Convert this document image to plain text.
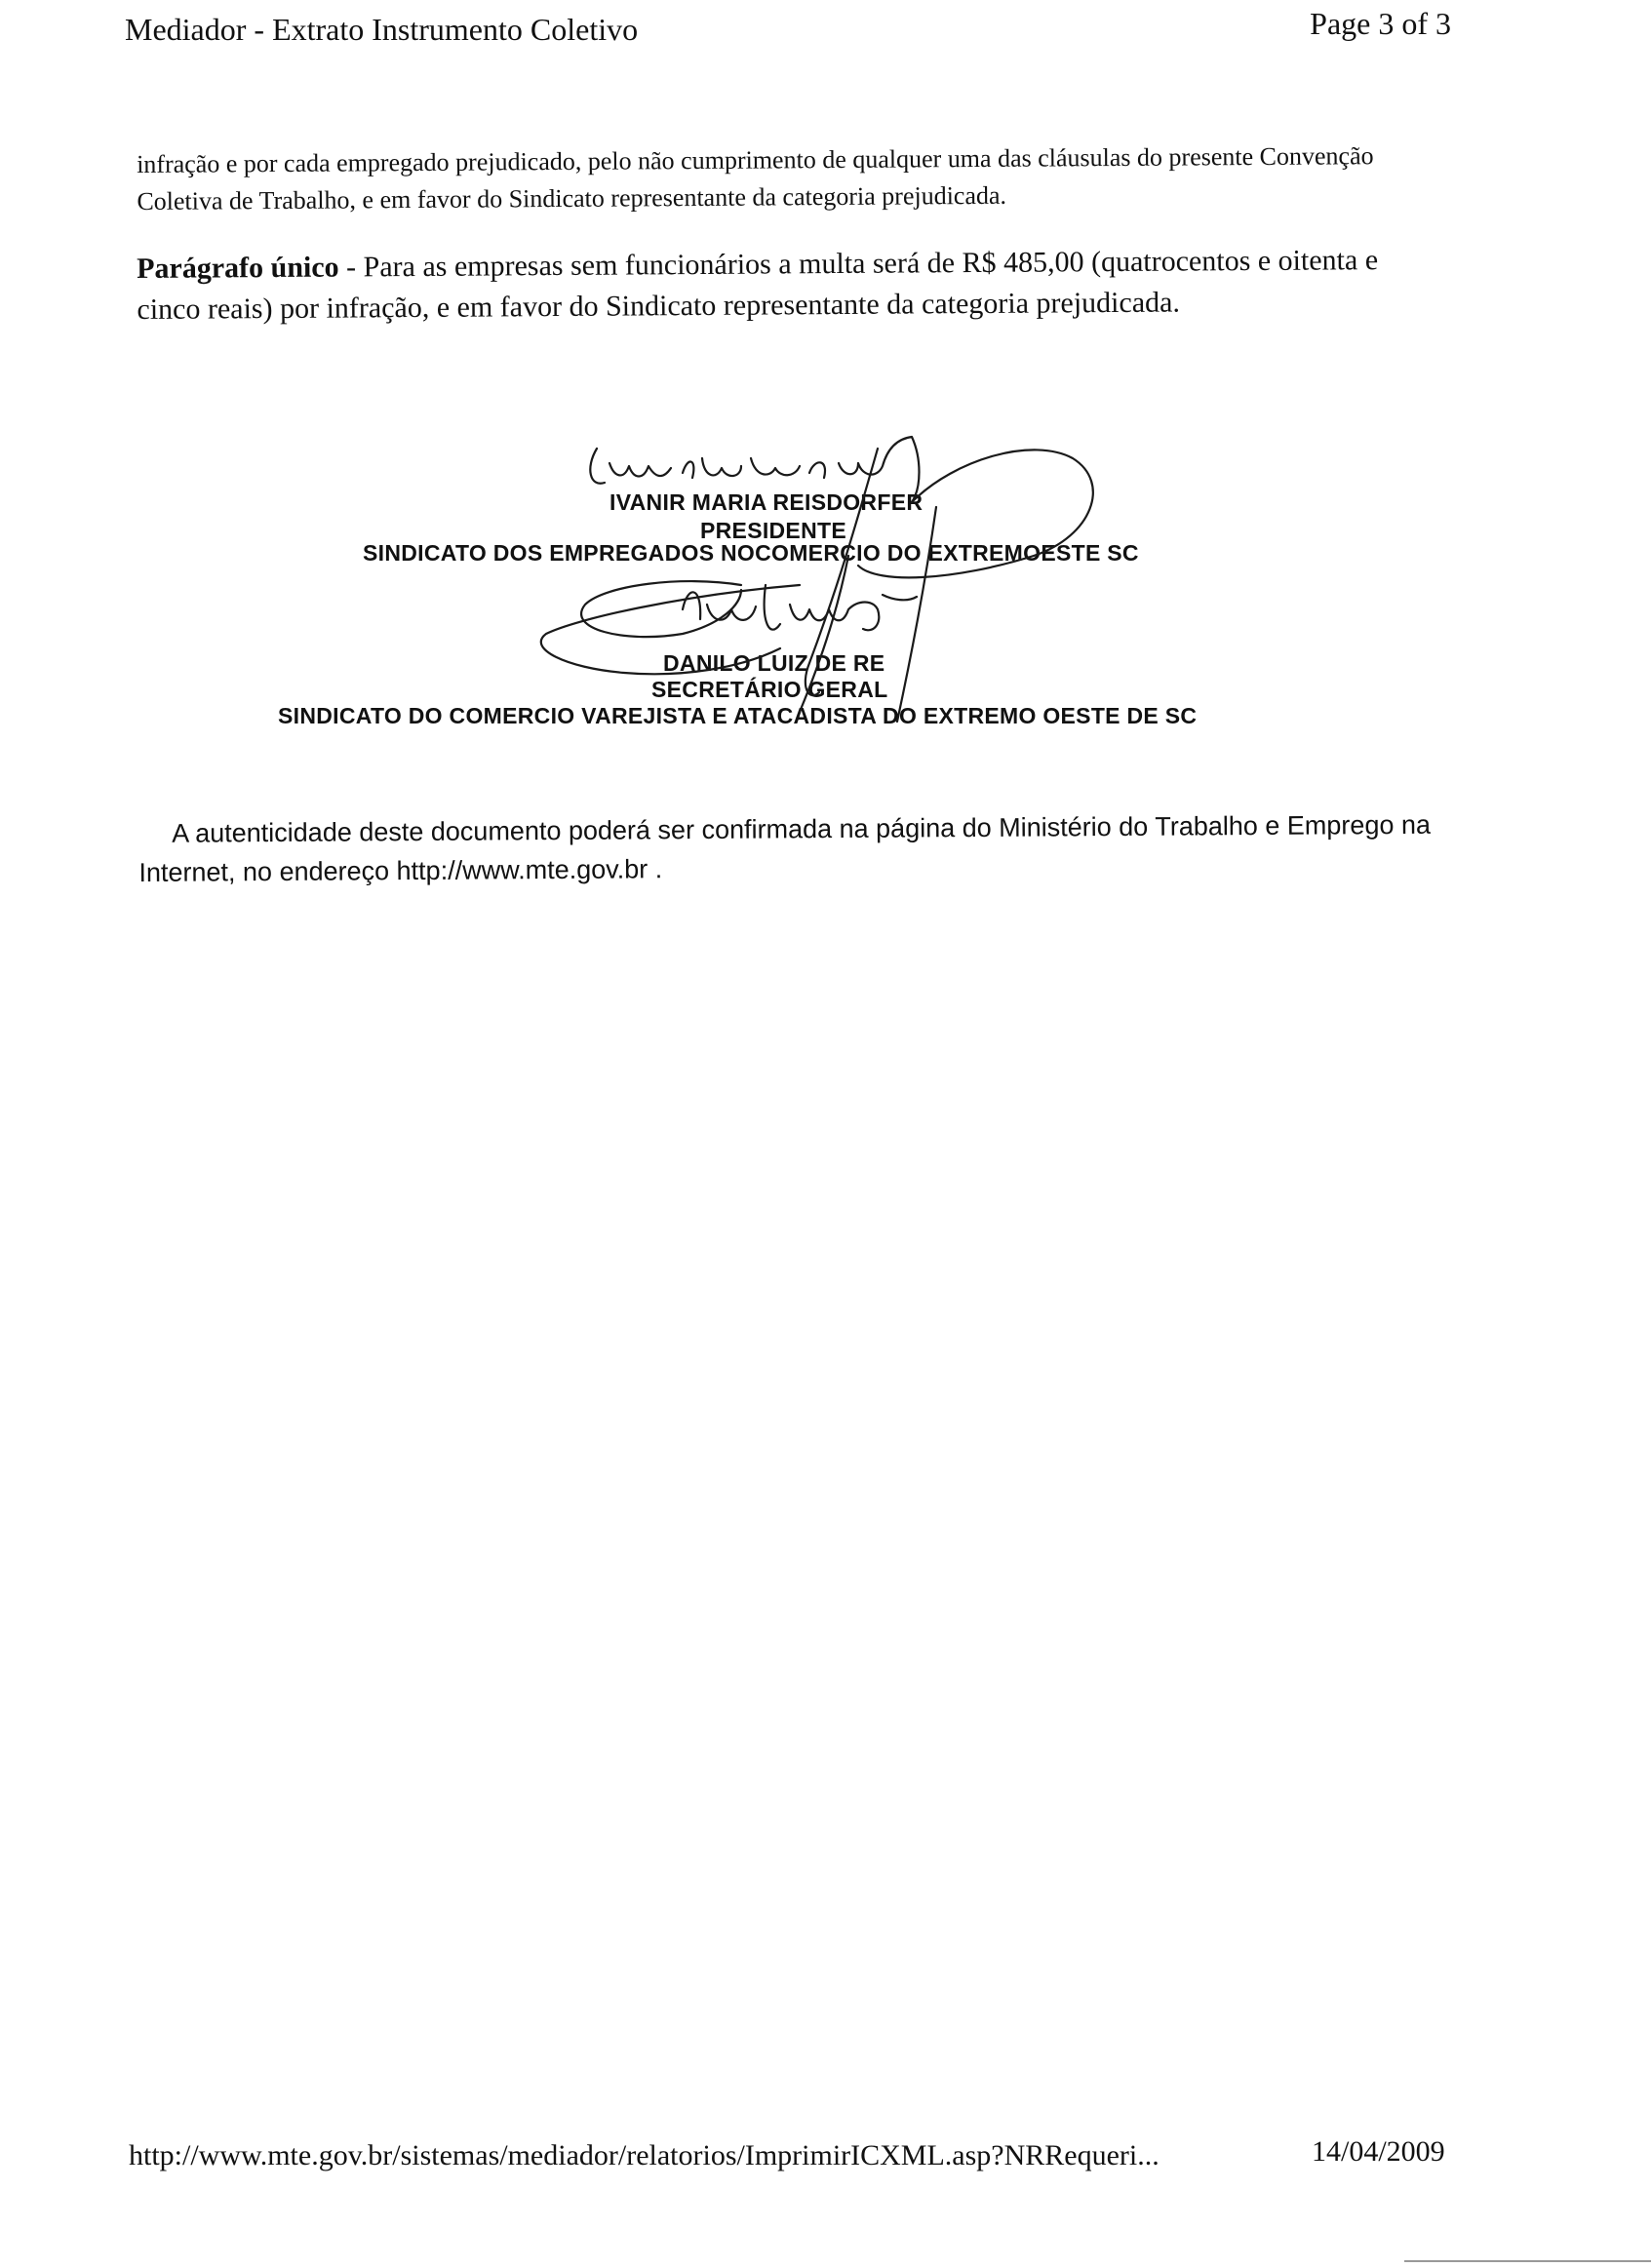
Mediador - Extrato Instrumento Coletivo	Page 3 of 3
infração e por cada empregado prejudicado, pelo não cumprimento de qualquer uma das cláusulas do presente Convenção Coletiva de Trabalho, e em favor do Sindicato representante da categoria prejudicada.
Parágrafo único - Para as empresas sem funcionários a multa será de R$ 485,00 (quatrocentos e oitenta e cinco reais) por infração, e em favor do Sindicato representante da categoria prejudicada.
IVANIR MARIA REISDORFER
PRESIDENTE
SINDICATO DOS EMPREGADOS NOCOMERCIO DO EXTREMOESTE SC
DANILO LUIZ DE RE
SECRETÁRIO GERAL
SINDICATO DO COMERCIO VAREJISTA E ATACADISTA DO EXTREMO OESTE DE SC
A autenticidade deste documento poderá ser confirmada na página do Ministério do Trabalho e Emprego na Internet, no endereço http://www.mte.gov.br .
http://www.mte.gov.br/sistemas/mediador/relatorios/ImprimirICXML.asp?NRRequeri...	14/04/2009
